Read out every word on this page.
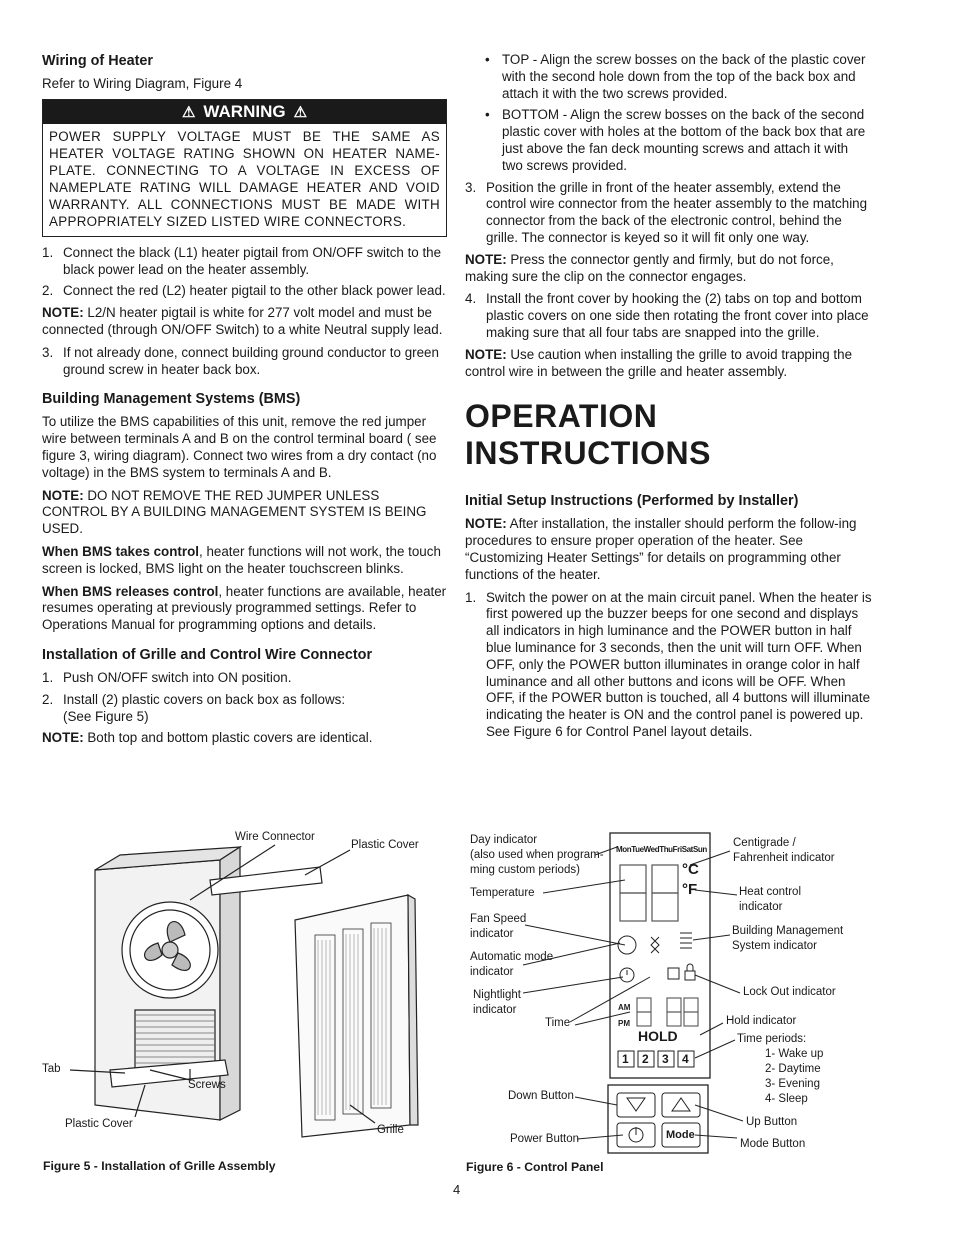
Wiring of Heater

Refer to Wiring Diagram, Figure 4

⚠ WARNING ⚠
POWER SUPPLY VOLTAGE MUST BE THE SAME AS HEATER VOLTAGE RATING SHOWN ON HEATER NAME-PLATE. CONNECTING TO A VOLTAGE IN EXCESS OF NAMEPLATE RATING WILL DAMAGE HEATER AND VOID WARRANTY. ALL CONNECTIONS MUST BE MADE WITH APPROPRIATELY SIZED LISTED WIRE CONNECTORS.
1. Connect the black (L1) heater pigtail from ON/OFF switch to the black power lead on the heater assembly.
2. Connect the red (L2) heater pigtail to the other black power lead.

NOTE: L2/N heater pigtail is white for 277 volt model and must be connected (through ON/OFF Switch) to a white Neutral supply lead.

3. If not already done, connect building ground conductor to green ground screw in heater back box.
Building Management Systems (BMS)

To utilize the BMS capabilities of this unit, remove the red jumper wire between terminals A and B on the control terminal board ( see figure 3, wiring diagram). Connect two wires from a dry contact (no voltage) in the BMS system to terminals A and B.

NOTE: DO NOT REMOVE THE RED JUMPER UNLESS CONTROL BY A BUILDING MANAGEMENT SYSTEM IS BEING USED.

When BMS takes control, heater functions will not work, the touch screen is locked, BMS light on the heater touchscreen blinks.

When BMS releases control, heater functions are available, heater resumes operating at previously programmed settings. Refer to Operations Manual for programming options and details.

Installation of Grille and Control Wire Connector
1. Push ON/OFF switch into ON position.
2. Install (2) plastic covers on back box as follows: (See Figure 5)

NOTE: Both top and bottom plastic covers are identical.

• TOP - Align the screw bosses on the back of the plastic cover with the second hole down from the top of the back box and attach it with the two screws provided.
• BOTTOM - Align the screw bosses on the back of the second plastic cover with holes at the bottom of the back box that are just above the fan deck mounting screws and attach it with two screws provided.
3. Position the grille in front of the heater assembly, extend the control wire connector from the heater assembly to the matching connector from the back of the electronic control, behind the grille. The connector is keyed so it will fit only one way.

NOTE: Press the connector gently and firmly, but do not force, making sure the clip on the connector engages.

4. Install the front cover by hooking the (2) tabs on top and bottom plastic covers on one side then rotating the front cover into place making sure that all four tabs are snapped into the grille.

NOTE: Use caution when installing the grille to avoid trapping the control wire in between the grille and heater assembly.

OPERATION
INSTRUCTIONS
Initial Setup Instructions (Performed by Installer)

NOTE: After installation, the installer should perform the follow-ing procedures to ensure proper operation of the heater. See “Customizing Heater Settings” for details on programming other functions of the heater.

1. Switch the power on at the main circuit panel. When the heater is first powered up the buzzer beeps for one second and displays all indicators in high luminance and the POWER button in half blue luminance for 3 seconds, then the unit will turn OFF. When OFF, only the POWER button illuminates in orange color in half luminance and all other buttons and icons will be OFF. When OFF, if the POWER button is touched, all 4 buttons will illuminate indicating the heater is ON and the control panel is powered up. See Figure 6 for Control Panel layout details.
Wire Connector
Plastic Cover
Tab
Screws
Plastic Cover	Grille
Figure 5 - Installation of Grille Assembly
MonTueWedThuFriSatSun
°C
°F
AM
PM
HOLD
1 2 3 4
Mode
Day indicator
(also used when program-
ming custom periods)
Temperature
Fan Speed
indicator
Automatic mode
indicator
Nightlight
indicator
Time
Down Button
Power Button
Centigrade /
Fahrenheit indicator
Heat control
indicator
Building Management
System indicator
Lock Out indicator
Hold indicator
Time periods:
1- Wake up
2- Daytime
3- Evening
4- Sleep
Up Button
Mode Button
Figure 6 - Control Panel
4
